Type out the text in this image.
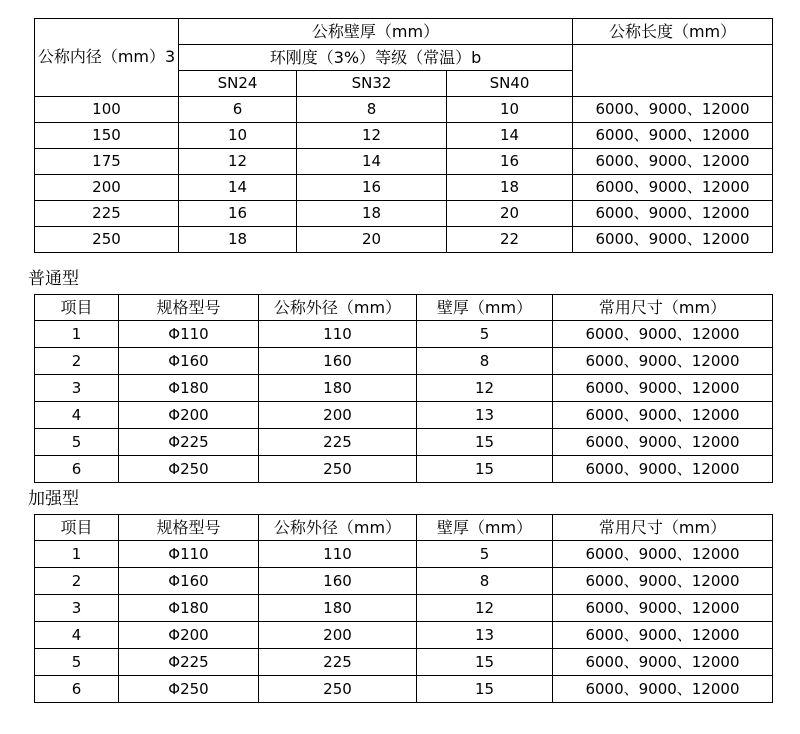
公称内径（mm）3	公称壁厚（mm）			公称长度（mm）
	环刚度（3%）等级（常温）b			
	SN24	SN32	SN40	
100	6	8	10	6000、9000、12000
150	10	12	14	6000、9000、12000
175	12	14	16	6000、9000、12000
200	14	16	18	6000、9000、12000
225	16	18	20	6000、9000、12000
250	18	20	22	6000、9000、12000
普通型
项目	规格型号	公称外径（mm）	壁厚（mm）	常用尺寸（mm）
1	Φ110	110	5	6000、9000、12000
2	Φ160	160	8	6000、9000、12000
3	Φ180	180	12	6000、9000、12000
4	Φ200	200	13	6000、9000、12000
5	Φ225	225	15	6000、9000、12000
6	Φ250	250	15	6000、9000、12000
加强型
项目	规格型号	公称外径（mm）	壁厚（mm）	常用尺寸（mm）
1	Φ110	110	5	6000、9000、12000
2	Φ160	160	8	6000、9000、12000
3	Φ180	180	12	6000、9000、12000
4	Φ200	200	13	6000、9000、12000
5	Φ225	225	15	6000、9000、12000
6	Φ250	250	15	6000、9000、12000
